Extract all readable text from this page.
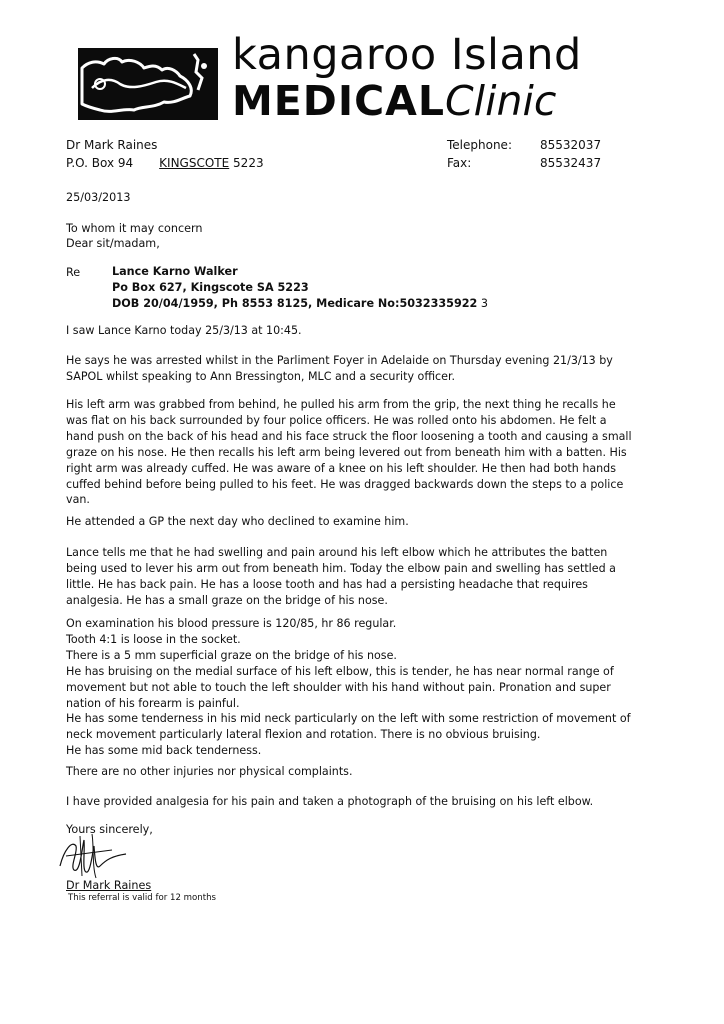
kangaroo Island
MEDICALClinic
Dr Mark Raines
P.O. Box 94 KINGSCOTE 5223
Telephone: 85532037
Fax:	85532437
25/03/2013
To whom it may concern
Dear sit/madam,
Re	Lance Karno Walker
Po Box 627, Kingscote SA 5223
DOB 20/04/1959, Ph 8553 8125, Medicare No:5032335922 3
I saw Lance Karno today 25/3/13 at 10:45.
He says he was arrested whilst in the Parliment Foyer in Adelaide on Thursday evening 21/3/13 by
SAPOL whilst speaking to Ann Bressington, MLC and a security officer.
His left arm was grabbed from behind, he pulled his arm from the grip, the next thing he recalls he
was flat on his back surrounded by four police officers. He was rolled onto his abdomen. He felt a
hand push on the back of his head and his face struck the floor loosening a tooth and causing a small
graze on his nose. He then recalls his left arm being levered out from beneath him with a batten. His
right arm was already cuffed. He was aware of a knee on his left shoulder. He then had both hands
cuffed behind before being pulled to his feet. He was dragged backwards down the steps to a police
van.
He attended a GP the next day who declined to examine him.
Lance tells me that he had swelling and pain around his left elbow which he attributes the batten
being used to lever his arm out from beneath him. Today the elbow pain and swelling has settled a
little. He has back pain. He has a loose tooth and has had a persisting headache that requires
analgesia. He has a small graze on the bridge of his nose.
On examination his blood pressure is 120/85, hr 86 regular.
Tooth 4:1 is loose in the socket.
There is a 5 mm superficial graze on the bridge of his nose.
He has bruising on the medial surface of his left elbow, this is tender, he has near normal range of
movement but not able to touch the left shoulder with his hand without pain. Pronation and super
nation of his forearm is painful.
He has some tenderness in his mid neck particularly on the left with some restriction of movement of
neck movement particularly lateral flexion and rotation. There is no obvious bruising.
He has some mid back tenderness.
There are no other injuries nor physical complaints.
I have provided analgesia for his pain and taken a photograph of the bruising on his left elbow.
Yours sincerely,
Dr Mark Raines
This referral is valid for 12 months
